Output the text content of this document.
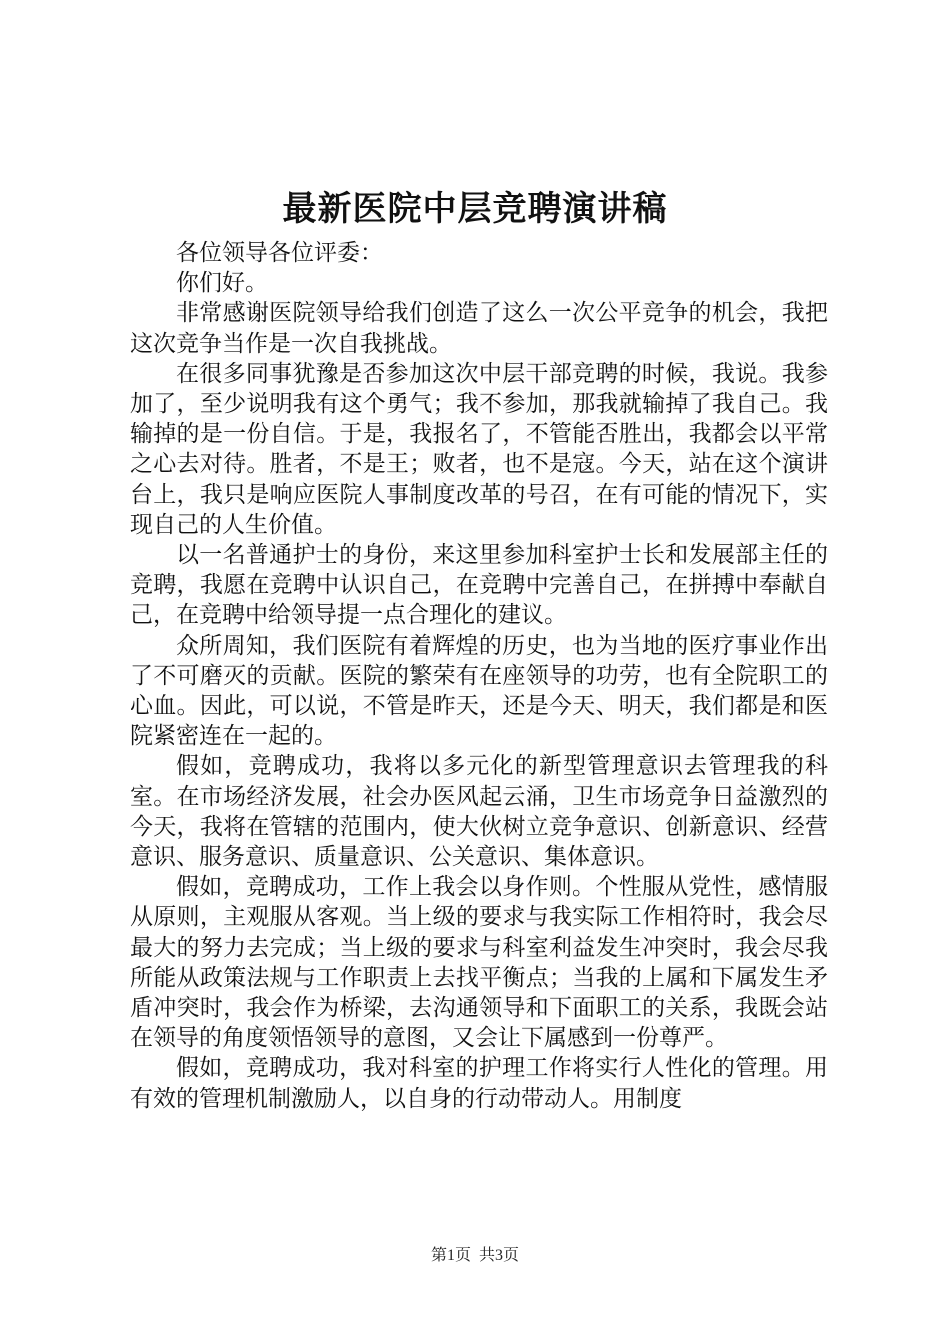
最新医院中层竞聘演讲稿

各位领导各位评委：

你们好。

非常感谢医院领导给我们创造了这么一次公平竞争的机会，我把这次竞争当作是一次自我挑战。

在很多同事犹豫是否参加这次中层干部竞聘的时候，我说。我参加了，至少说明我有这个勇气；我不参加，那我就输掉了我自己。我输掉的是一份自信。于是，我报名了，不管能否胜出，我都会以平常之心去对待。胜者，不是王；败者，也不是寇。今天，站在这个演讲台上，我只是响应医院人事制度改革的号召，在有可能的情况下，实现自己的人生价值。

以一名普通护士的身份，来这里参加科室护士长和发展部主任的竞聘，我愿在竞聘中认识自己，在竞聘中完善自己，在拼搏中奉献自己，在竞聘中给领导提一点合理化的建议。

众所周知，我们医院有着辉煌的历史，也为当地的医疗事业作出了不可磨灭的贡献。医院的繁荣有在座领导的功劳，也有全院职工的心血。因此，可以说，不管是昨天，还是今天、明天，我们都是和医院紧密连在一起的。

假如，竞聘成功，我将以多元化的新型管理意识去管理我的科室。在市场经济发展，社会办医风起云涌，卫生市场竞争日益激烈的今天，我将在管辖的范围内，使大伙树立竞争意识、创新意识、经营意识、服务意识、质量意识、公关意识、集体意识。

假如，竞聘成功，工作上我会以身作则。个性服从党性，感情服从原则，主观服从客观。当上级的要求与我实际工作相符时，我会尽最大的努力去完成；当上级的要求与科室利益发生冲突时，我会尽我所能从政策法规与工作职责上去找平衡点；当我的上属和下属发生矛盾冲突时，我会作为桥梁，去沟通领导和下面职工的关系，我既会站在领导的角度领悟领导的意图，又会让下属感到一份尊严。

假如，竞聘成功，我对科室的护理工作将实行人性化的管理。用有效的管理机制激励人，以自身的行动带动人。用制度

第1页 共3页
